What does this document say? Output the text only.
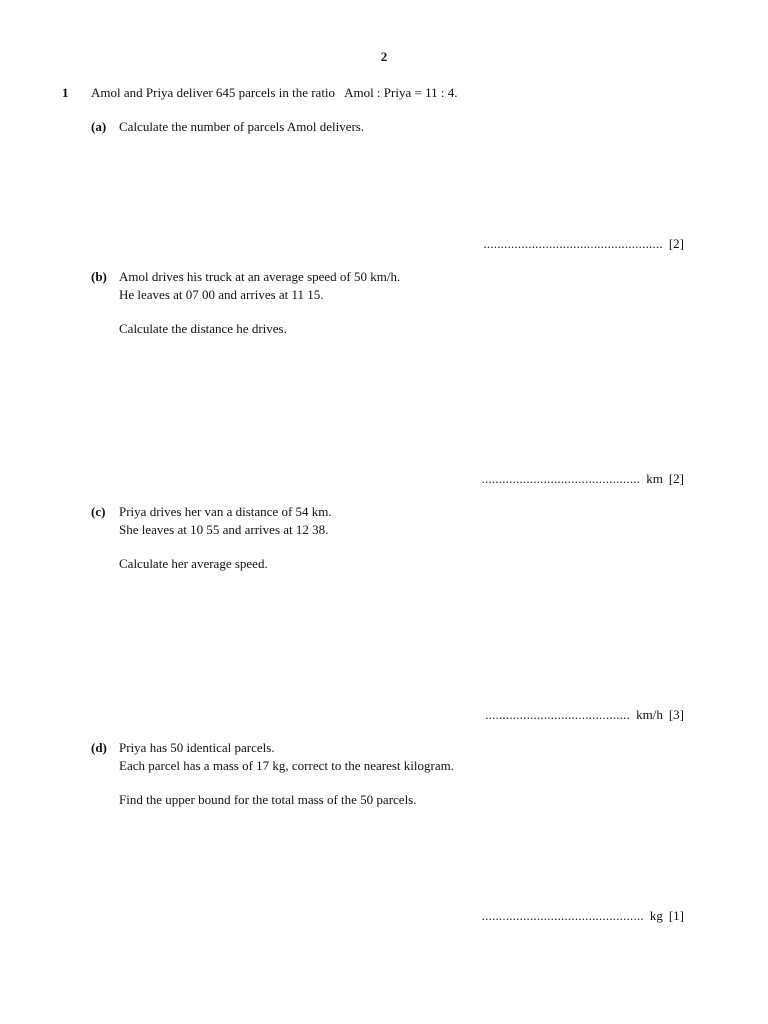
2
1 Amol and Priya deliver 645 parcels in the ratio   Amol : Priya = 11 : 4.
(a) Calculate the number of parcels Amol delivers.
.................................................... [2]
(b) Amol drives his truck at an average speed of 50 km/h.
He leaves at 07 00 and arrives at 11 15.
Calculate the distance he drives.
.............................................. km [2]
(c) Priya drives her van a distance of 54 km.
She leaves at 10 55 and arrives at 12 38.
Calculate her average speed.
.......................................... km/h [3]
(d) Priya has 50 identical parcels.
Each parcel has a mass of 17 kg, correct to the nearest kilogram.
Find the upper bound for the total mass of the 50 parcels.
............................................... kg [1]
